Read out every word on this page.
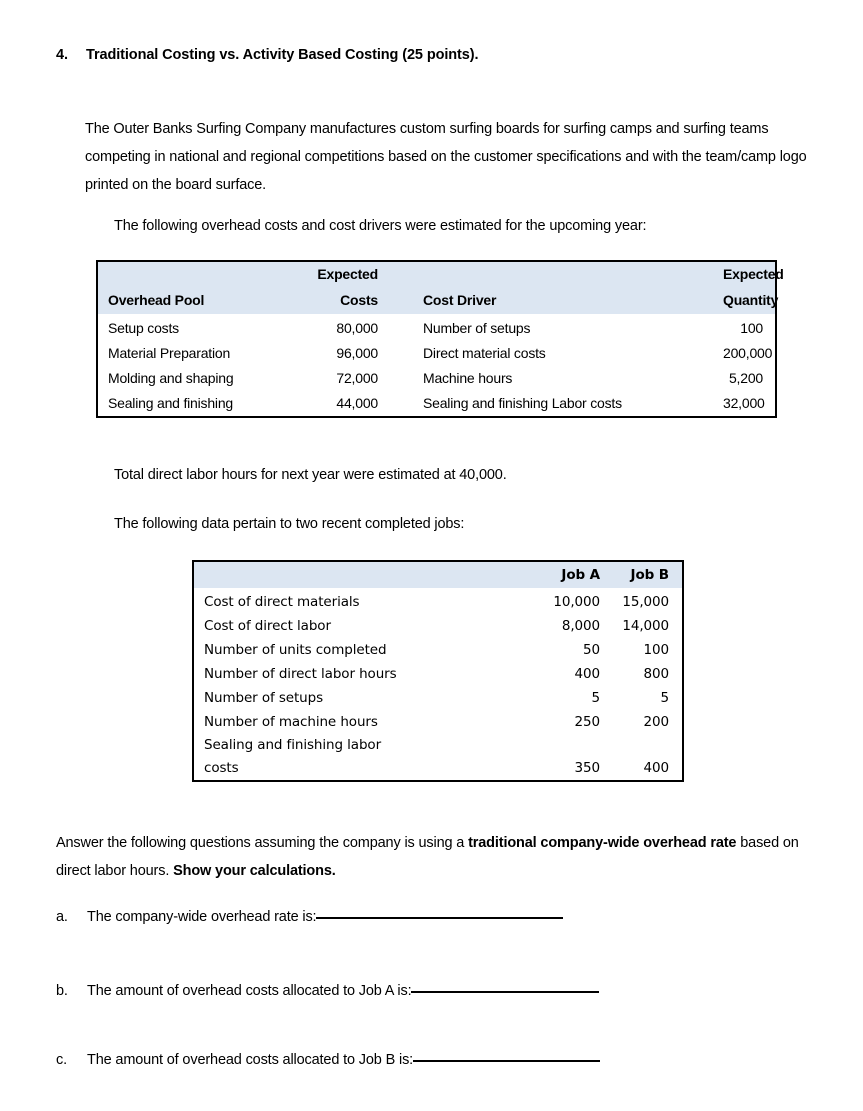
4.	Traditional Costing vs. Activity Based Costing (25 points).
The Outer Banks Surfing Company manufactures custom surfing boards for surfing camps and surfing teams competing in national and regional competitions based on the customer specifications and with the team/camp logo printed on the board surface.
The following overhead costs and cost drivers were estimated for the upcoming year:
	Expected		Expected
Overhead Pool	Costs	Cost Driver	Quantity
Setup costs	80,000	Number of setups	100
Material Preparation	96,000	Direct material costs	200,000
Molding and shaping	72,000	Machine hours	5,200
Sealing and finishing	44,000	Sealing and finishing Labor costs	32,000
Total direct labor hours for next year were estimated at 40,000.
The following data pertain to two recent completed jobs:
	Job A	Job B
Cost of direct materials	10,000	15,000
Cost of direct labor	8,000	14,000
Number of units completed	50	100
Number of direct labor hours	400	800
Number of setups	5	5
Number of machine hours	250	200
Sealing and finishing labor		
costs	350	400
Answer the following questions assuming the company is using a traditional company-wide overhead rate based on direct labor hours. Show your calculations.
a.	The company-wide overhead rate is:
b.	The amount of overhead costs allocated to Job A is:
c.	The amount of overhead costs allocated to Job B is:
